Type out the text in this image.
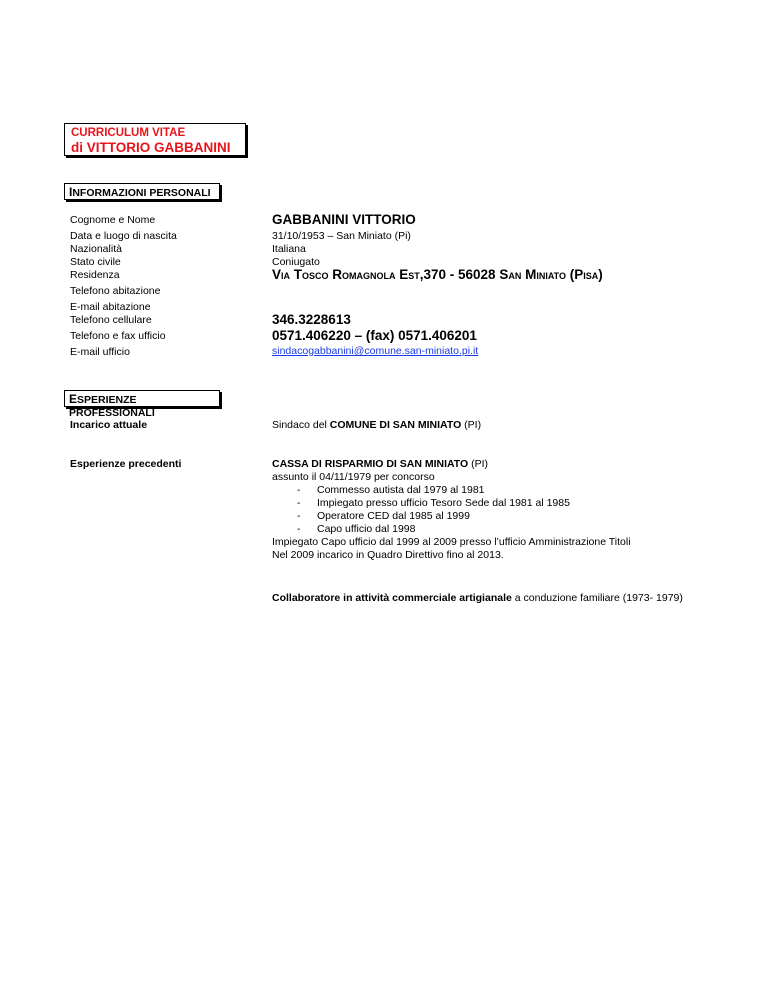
CURRICULUM VITAE
di VITTORIO GABBANINI
INFORMAZIONI PERSONALI
Cognome e Nome	GABBANINI VITTORIO
Data e luogo di nascita	31/10/1953 – San Miniato (Pi)
Nazionalità	Italiana
Stato civile	Coniugato
Residenza	Via Tosco Romagnola Est,370 - 56028 San Miniato (Pisa)
Telefono abitazione
E-mail abitazione
Telefono cellulare	346.3228613
Telefono e fax ufficio	0571.406220 – (fax) 0571.406201
E-mail ufficio	sindacogabbanini@comune.san-miniato.pi.it
ESPERIENZE PROFESSIONALI
Incarico attuale	Sindaco del COMUNE DI SAN MINIATO (PI)
Esperienze precedenti	CASSA DI RISPARMIO DI SAN MINIATO (PI)
assunto il 04/11/1979 per concorso
- Commesso autista dal 1979 al 1981
- Impiegato presso ufficio Tesoro Sede dal 1981 al 1985
- Operatore CED dal 1985 al 1999
- Capo ufficio dal 1998
Impiegato Capo ufficio dal 1999 al 2009 presso l’ufficio Amministrazione Titoli
Nel 2009 incarico in Quadro Direttivo fino al 2013.
Collaboratore in attività commerciale artigianale a conduzione familiare (1973- 1979)
